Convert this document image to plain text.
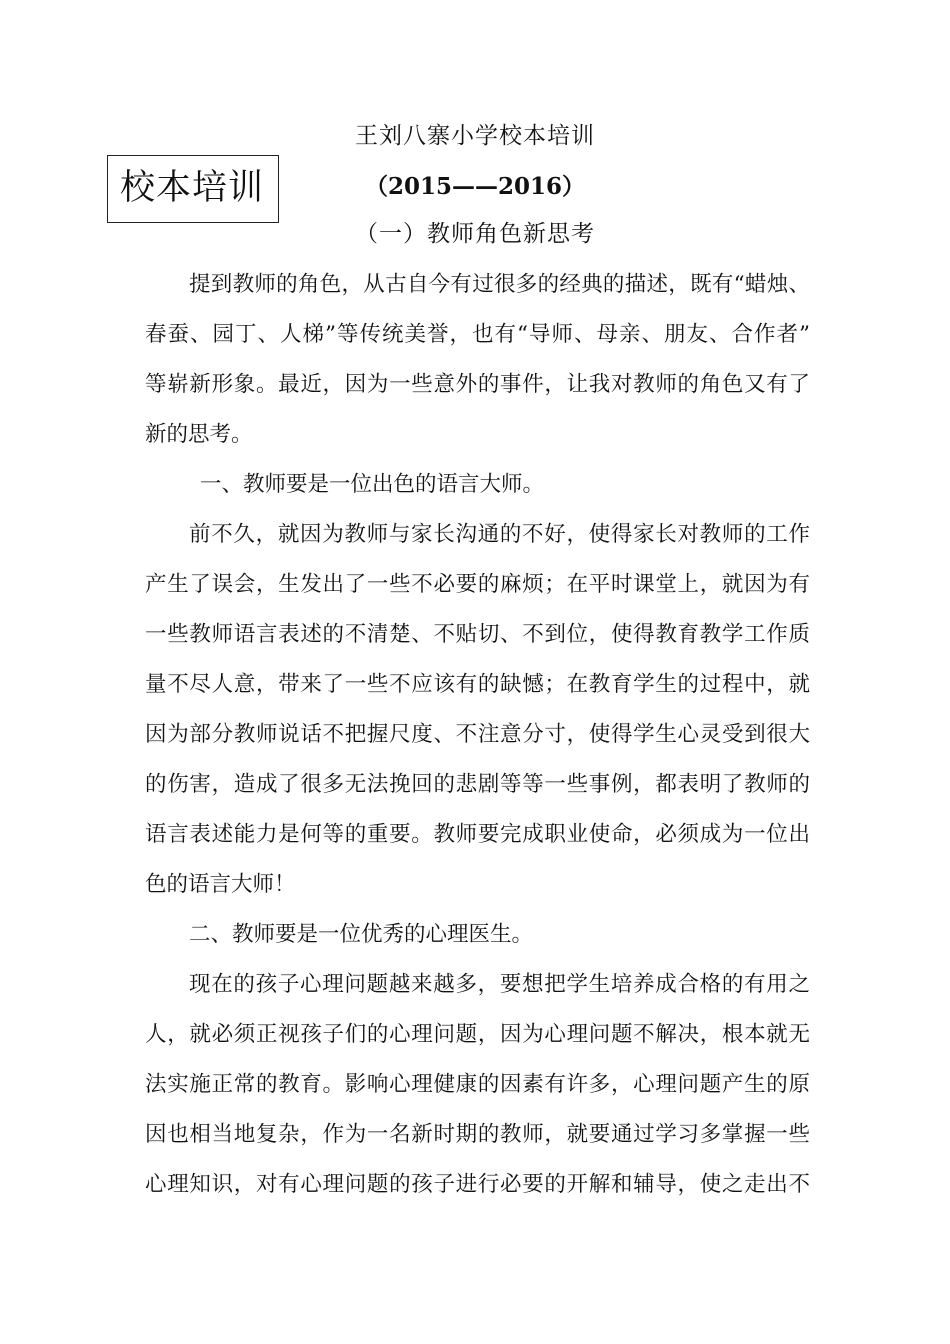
校本培训
王刘八寨小学校本培训
（2015——2016）
（一）教师角色新思考
提到教师的角色，从古自今有过很多的经典的描述，既有“蜡烛、
春蚕、园丁、人梯”等传统美誉，也有“导师、母亲、朋友、合作者”
等崭新形象。最近，因为一些意外的事件，让我对教师的角色又有了
新的思考。
一、教师要是一位出色的语言大师。
前不久，就因为教师与家长沟通的不好，使得家长对教师的工作
产生了误会，生发出了一些不必要的麻烦；在平时课堂上，就因为有
一些教师语言表述的不清楚、不贴切、不到位，使得教育教学工作质
量不尽人意，带来了一些不应该有的缺憾；在教育学生的过程中，就
因为部分教师说话不把握尺度、不注意分寸，使得学生心灵受到很大
的伤害，造成了很多无法挽回的悲剧等等一些事例，都表明了教师的
语言表述能力是何等的重要。教师要完成职业使命，必须成为一位出
色的语言大师！
二、教师要是一位优秀的心理医生。
现在的孩子心理问题越来越多，要想把学生培养成合格的有用之
人，就必须正视孩子们的心理问题，因为心理问题不解决，根本就无
法实施正常的教育。影响心理健康的因素有许多，心理问题产生的原
因也相当地复杂，作为一名新时期的教师，就要通过学习多掌握一些
心理知识，对有心理问题的孩子进行必要的开解和辅导，使之走出不
